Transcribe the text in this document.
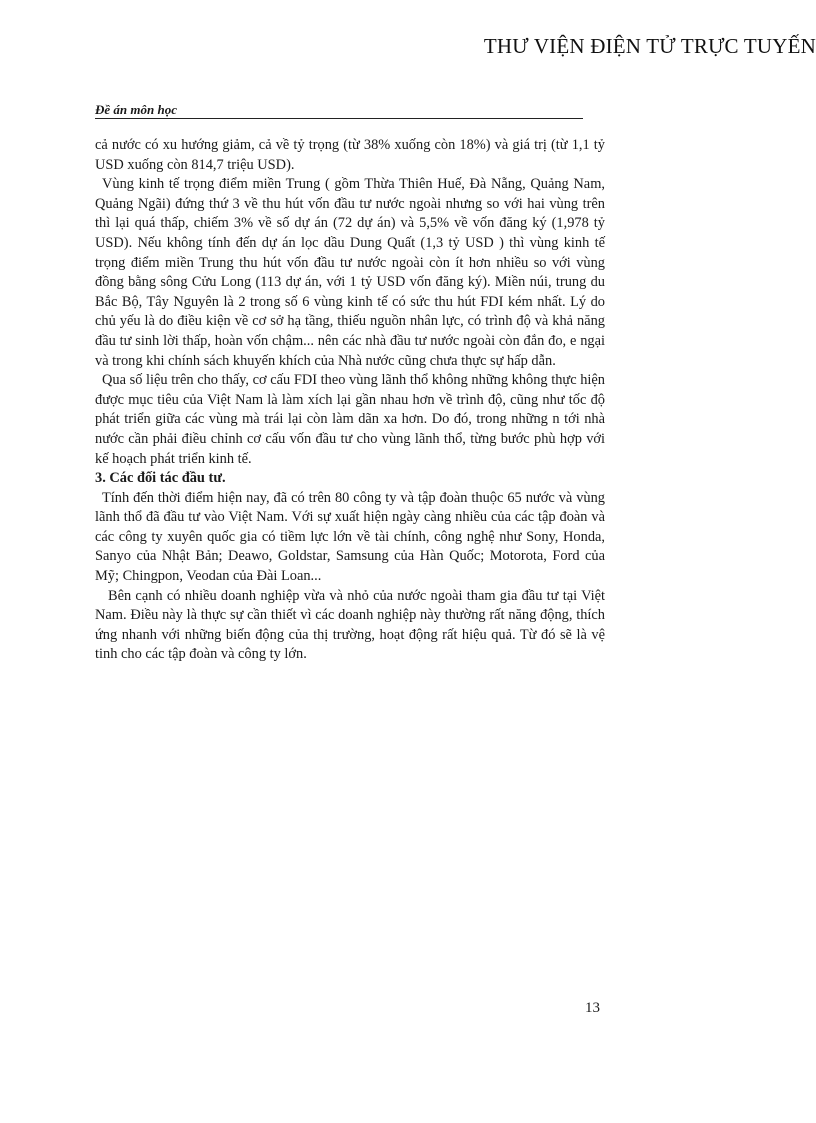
THƯ VIỆN ĐIỆN TỬ TRỰC TUYẾN
Đề án môn học

cả nước có xu hướng giảm, cả về tỷ trọng (từ 38% xuống còn 18%) và giá trị (từ 1,1 tỷ USD xuống còn 814,7 triệu USD).

Vùng kinh tế trọng điểm miền Trung ( gồm Thừa Thiên Huế, Đà Nẵng, Quảng Nam, Quảng Ngãi) đứng thứ 3 về thu hút vốn đầu tư nước ngoài nhưng so với hai vùng trên thì lại quá thấp, chiếm 3% về số dự án (72 dự án) và 5,5% về vốn đăng ký (1,978 tỷ USD). Nếu không tính đến dự án lọc dầu Dung Quất (1,3 tỷ USD ) thì vùng kinh tế trọng điểm miền Trung thu hút vốn đầu tư nước ngoài còn ít hơn nhiều so với vùng đồng bằng sông Cửu Long (113 dự án, với 1 tỷ USD vốn đăng ký). Miền núi, trung du Bắc Bộ, Tây Nguyên là 2 trong số 6 vùng kinh tế có sức thu hút FDI kém nhất. Lý do chủ yếu là do điều kiện về cơ sở hạ tầng, thiếu nguồn nhân lực, có trình độ và khả năng đầu tư sinh lời thấp, hoàn vốn chậm... nên các nhà đầu tư nước ngoài còn đắn đo, e ngại và trong khi chính sách khuyến khích của Nhà nước cũng chưa thực sự hấp dẫn.

Qua số liệu trên cho thấy, cơ cấu FDI theo vùng lãnh thổ không những không thực hiện được mục tiêu của Việt Nam là làm xích lại gần nhau hơn về trình độ, cũng như tốc độ phát triển giữa các vùng mà trái lại còn làm dãn xa hơn. Do đó, trong những n tới nhà nước cần phải điều chỉnh cơ cấu vốn đầu tư cho vùng lãnh thổ, từng bước phù hợp với kế hoạch phát triển kinh tế.

3. Các đối tác đầu tư.

Tính đến thời điểm hiện nay, đã có trên 80 công ty và tập đoàn thuộc 65 nước và vùng lãnh thổ đã đầu tư vào Việt Nam. Với sự xuất hiện ngày càng nhiều của các tập đoàn và các công ty xuyên quốc gia có tiềm lực lớn về tài chính, công nghệ như Sony, Honda, Sanyo của Nhật Bản; Deawo, Goldstar, Samsung của Hàn Quốc; Motorota, Ford của Mỹ; Chingpon, Veodan của Đài Loan...

Bên cạnh có nhiều doanh nghiệp vừa và nhỏ của nước ngoài tham gia đầu tư tại Việt Nam. Điều này là thực sự cần thiết vì các doanh nghiệp này thường rất năng động, thích ứng nhanh với những biến động của thị trường, hoạt động rất hiệu quả. Từ đó sẽ là vệ tinh cho các tập đoàn và công ty lớn.

13
